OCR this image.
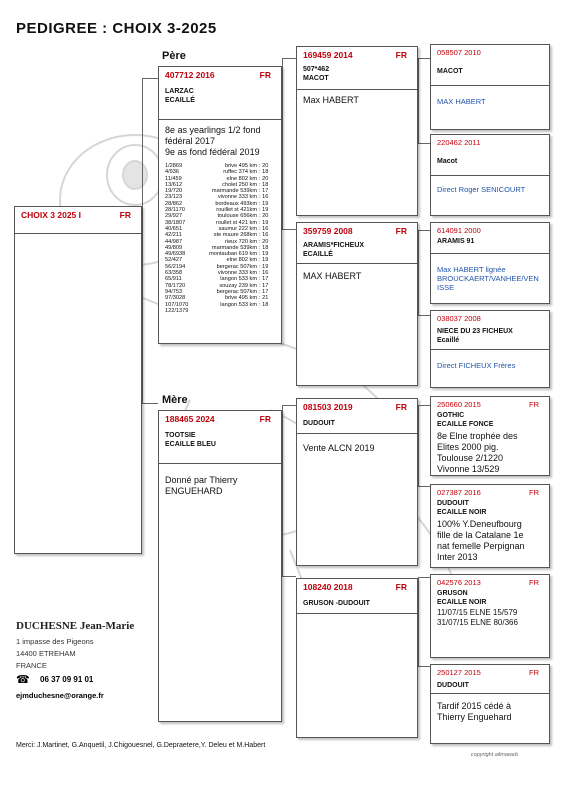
PEDIGREE : CHOIX 3-2025
CHOIX 3 2025 I	FR
Père
407712 2016	FR
LARZAC
ECAILLÉ
8e as yearlings 1/2 fond
fédéral 2017
9e as fond fédéral 2019
1/2869	brive 495 km : 20
4/936	ruffec 374 km : 18
11/459	elne 802 km : 20
13/612	cholet 250 km : 18
19/720	marmande 539km : 17
23/123	vivonne 333 km : 16
28/862	bordeaux 493km : 19
28/1170	rouillet st 421km : 19
29/927	toulouse 656km : 20
38/1807	roullet st 421 km : 19
40/651	saumur 222 km : 16
42/211	ste maure 268km : 16
44/987	rieux 720 km : 20
49/809	marmande 539km : 18
49/6938	montauban 619 km : 19
52/427	elne 802 km : 19
56/2194	bergerac 507km : 19
63/358	vivonne 333 km : 16
65/911	langon 533 km : 17
78/1720	souzay 239 km : 17
94/753	bergerac 507km : 17
97/3028	brive 495 km : 21
107/1070	langon 533 km : 18
122/1379
Mère
188465 2024	FR
TOOTSIE
ECAILLE BLEU
Donné par Thierry
ENGUEHARD
169459 2014	FR
507*462
MACOT
Max HABERT
359759 2008	FR
ARAMIS*FICHEUX
ECAILLÉ
MAX HABERT
081503 2019	FR
DUDOUIT
Vente ALCN 2019
108240 2018	FR
GRUSON -DUDOUIT
058507 2010
MACOT
MAX HABERT
220462 2011
Macot
Direct Roger SENICOURT
614091 2000
ARAMIS 91
Max HABERT lignée
BROUCKAERT/VANHEE/VEN
ISSE
038037 2008
NIECE DU 23 FICHEUX
Ecaillé
Direct FICHEUX Frères
250660 2015	FR
GOTHIC
ECAILLE FONCE
8e Elne trophée des
Elites 2000 pig.
Toulouse 2/1220
Vivonne 13/529
027387 2016	FR
DUDOUIT
ECAILLE NOIR
100% Y.Deneufbourg
fille de la Catalane 1e
nat femelle Perpignan
Inter 2013
042576 2013	FR
GRUSON
ECAILLE NOIR
11/07/15 ELNE 15/579
31/07/15 ELNE 80/366
250127 2015	FR
DUDOUIT
Tardif 2015 cédé à
Thierry Enguehard
DUCHESNE Jean-Marie
1 impasse des Pigeons
14400 ETREHAM
FRANCE
☎ 06 37 09 91 01
ejmduchesne@orange.fr
Merci: J.Martinet, G.Anquetil, J.Chigouesnel, G.Depraetere,Y. Deleu et M.Habert
copyright ailmaweb
